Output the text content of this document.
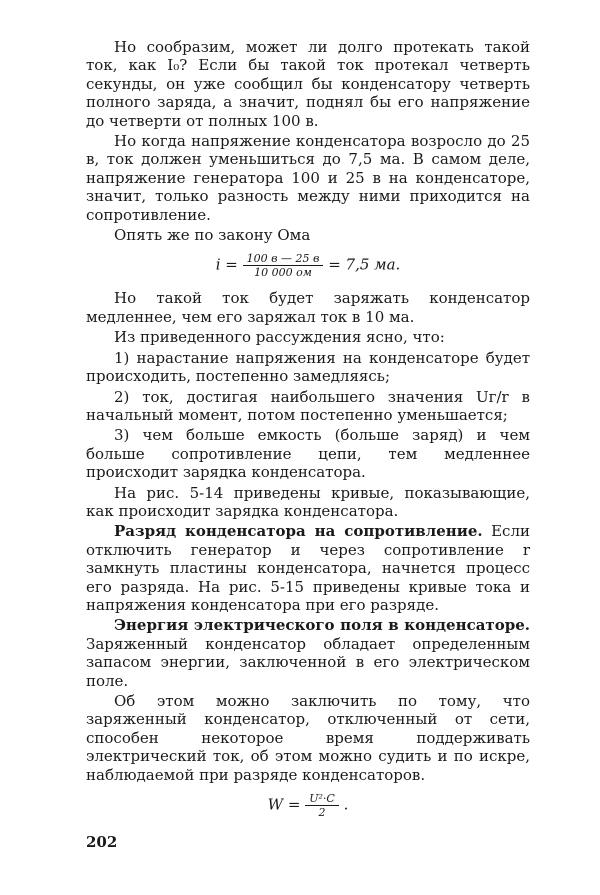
Но сообразим, может ли долго протекать такой ток, как I₀? Если бы такой ток протекал четверть секунды, он уже сообщил бы конденсатору четверть полного заряда, а значит, поднял бы его напряжение до четверти от полных 100 в.

Но когда напряжение конденсатора возросло до 25 в, ток должен уменьшиться до 7,5 ма. В самом деле, напряжение генератора 100 и 25 в на конденсаторе, значит, только разность между ними приходится на сопротивление.

Опять же по закону Ома

$i = \frac{100 в — 25 в}{10 000 ом} = 7,5$ ма.

Но такой ток будет заряжать конденсатор медленнее, чем его заряжал ток в 10 ма.

Из приведенного рассуждения ясно, что:

1) нарастание напряжения на конденсаторе будет происходить, постепенно замедляясь;

2) ток, достигая наибольшего значения Uг/r в начальный момент, потом постепенно уменьшается;

3) чем больше емкость (больше заряд) и чем больше сопротивление цепи, тем медленнее происходит зарядка конденсатора.

На рис. 5-14 приведены кривые, показывающие, как происходит зарядка конденсатора.

Разряд конденсатора на сопротивление. Если отключить генератор и через сопротивление r замкнуть пластины конденсатора, начнется процесс его разряда. На рис. 5-15 приведены кривые тока и напряжения конденсатора при его разряде.

Энергия электрического поля в конденсаторе. Заряженный конденсатор обладает определенным запасом энергии, заключенной в его электрическом поле.

Об этом можно заключить по тому, что заряженный конденсатор, отключенный от сети, способен некоторое время поддерживать электрический ток, об этом можно судить и по искре, наблюдаемой при разряде конденсаторов.

$W = \frac{\text{U²·C}}{2}$ .
202
